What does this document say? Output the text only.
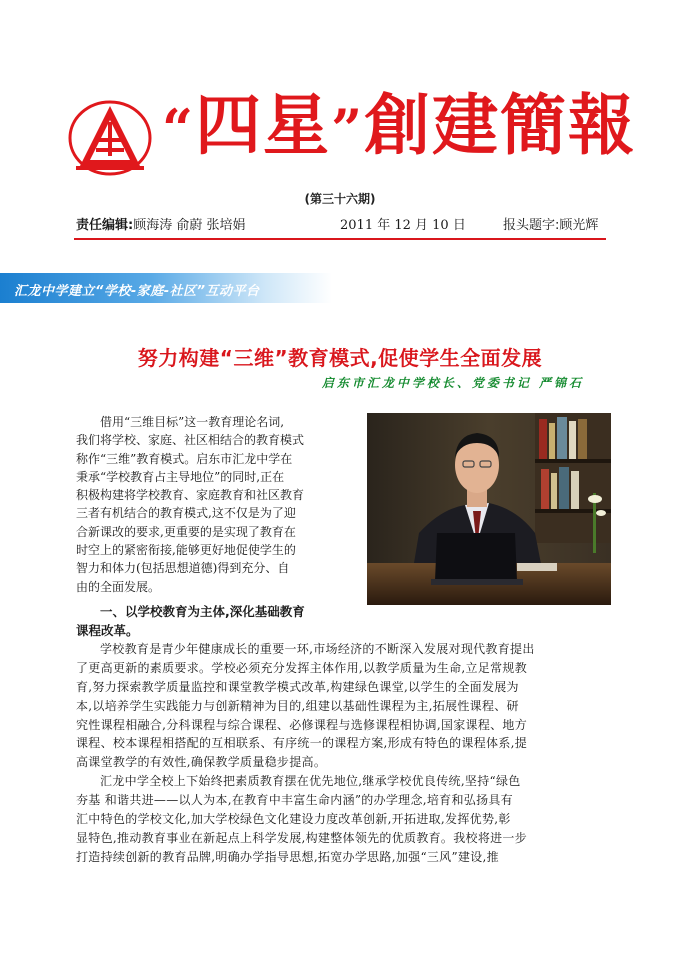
“四星”創建簡報
(第三十六期)
责任编辑:顾海涛 俞蔚 张培娟	2011 年 12 月 10 日	报头题字:顾光辉
汇龙中学建立“学校-家庭-社区”互动平台
努力构建“三维”教育模式,促使学生全面发展
启东市汇龙中学校长、党委书记 严锦石
借用“三维目标”这一教育理论名词,
我们将学校、家庭、社区相结合的教育模式
称作“三维”教育模式。启东市汇龙中学在
秉承“学校教育占主导地位”的同时,正在
积极构建将学校教育、家庭教育和社区教育
三者有机结合的教育模式,这不仅是为了迎
合新课改的要求,更重要的是实现了教育在
时空上的紧密衔接,能够更好地促使学生的
智力和体力(包括思想道德)得到充分、自
由的全面发展。
一、以学校教育为主体,深化基础教育
课程改革。
学校教育是青少年健康成长的重要一环,市场经济的不断深入发展对现代教育提出
了更高更新的素质要求。学校必须充分发挥主体作用,以教学质量为生命,立足常规教
育,努力探索教学质量监控和课堂教学模式改革,构建绿色课堂,以学生的全面发展为
本,以培养学生实践能力与创新精神为目的,组建以基础性课程为主,拓展性课程、研
究性课程相融合,分科课程与综合课程、必修课程与选修课程相协调,国家课程、地方
课程、校本课程相搭配的互相联系、有序统一的课程方案,形成有特色的课程体系,提
高课堂教学的有效性,确保教学质量稳步提高。
汇龙中学全校上下始终把素质教育摆在优先地位,继承学校优良传统,坚持“绿色
夯基 和谐共进——以人为本,在教育中丰富生命内涵”的办学理念,培育和弘扬具有
汇中特色的学校文化,加大学校绿色文化建设力度改革创新,开拓进取,发挥优势,彰
显特色,推动教育事业在新起点上科学发展,构建整体领先的优质教育。我校将进一步
打造持续创新的教育品牌,明确办学指导思想,拓宽办学思路,加强“三风”建设,推
